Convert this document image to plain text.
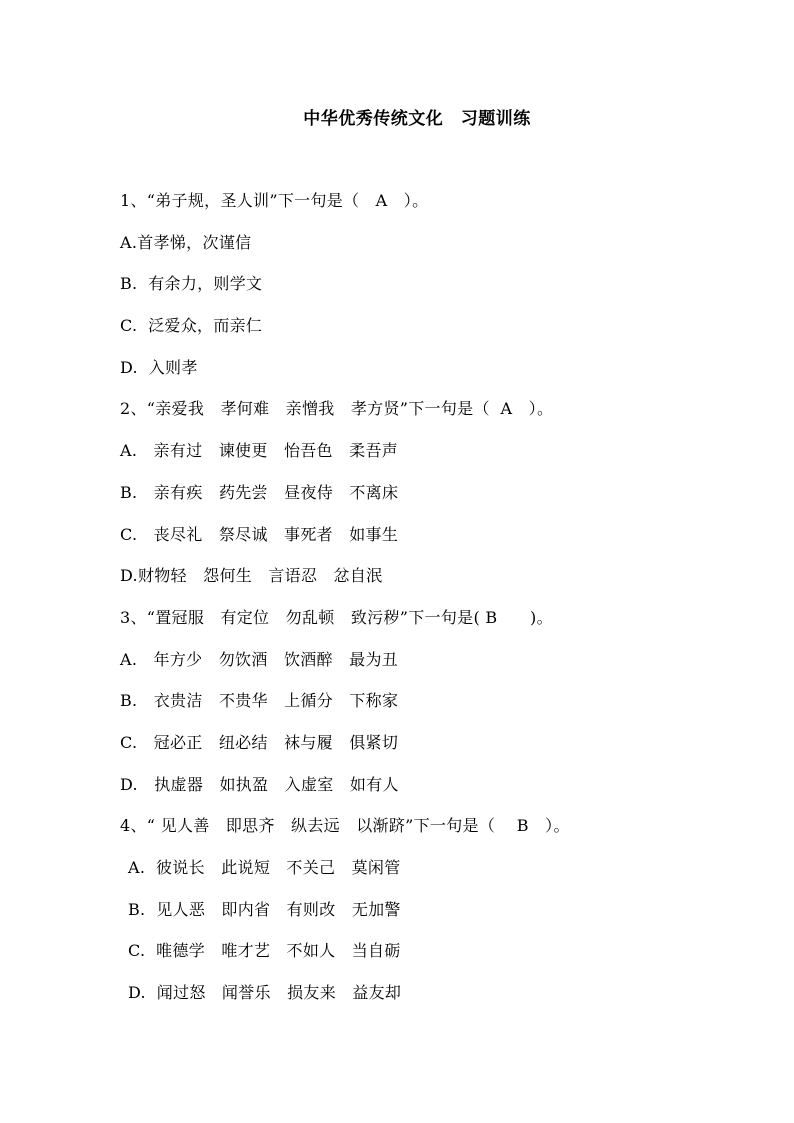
中华优秀传统文化　习题训练
1、“弟子规，圣人训”下一句是（　A　）。
A.首孝悌，次谨信
B.  有余力，则学文
C.  泛爱众，而亲仁
D.  入则孝
2、“亲爱我　孝何难　亲憎我　孝方贤”下一句是（  A　）。
A.　亲有过　谏使更　怡吾色　柔吾声
B.　亲有疾　药先尝　昼夜侍　不离床
C.　丧尽礼　祭尽诚　事死者　如事生
D.财物轻　怨何生　言语忍　忿自泯
3、“置冠服　有定位　勿乱顿　致污秽”下一句是( B　　)。
A.　年方少　勿饮酒　饮酒醉　最为丑
B.　衣贵洁　不贵华　上循分　下称家
C.　冠必正　纽必结　袜与履　俱紧切
D.　执虚器　如执盈　入虚室　如有人
4、“ 见人善　即思齐　纵去远　以渐跻”下一句是（　 B　）。
A.  彼说长　此说短　不关己　莫闲管
B.  见人恶　即内省　有则改　无加警
C.  唯德学　唯才艺　不如人　当自砺
D.  闻过怒　闻誉乐　损友来　益友却
